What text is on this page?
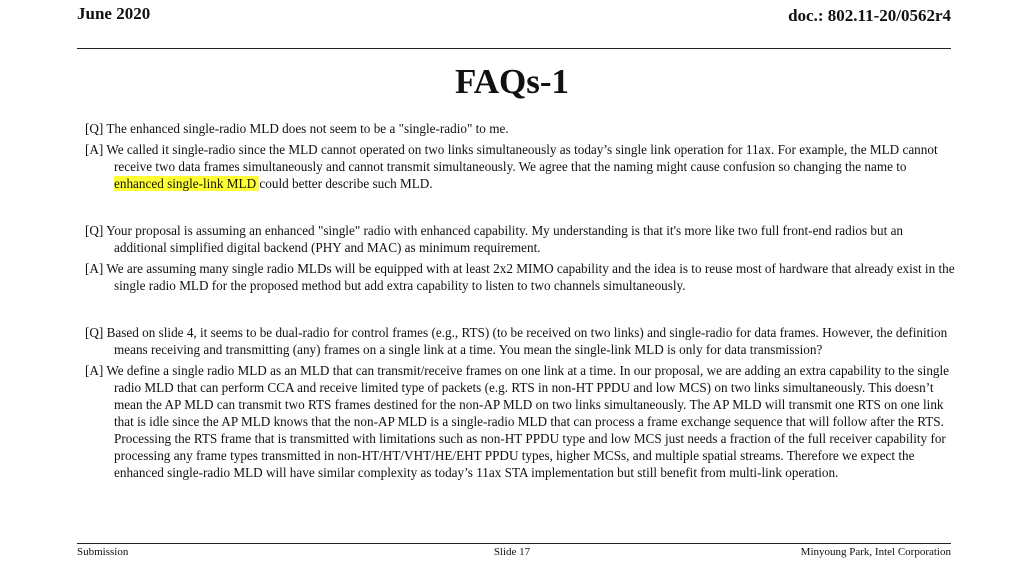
June 2020	doc.: 802.11-20/0562r4
FAQs-1

[Q] The enhanced single-radio MLD does not seem to be a "single-radio" to me.

[A] We called it single-radio since the MLD cannot operated on two links simultaneously as today’s single link operation for 11ax. For example, the MLD cannot receive two data frames simultaneously and cannot transmit simultaneously. We agree that the naming might cause confusion so changing the name to enhanced single-link MLD could better describe such MLD.

[Q] Your proposal is assuming an enhanced "single" radio with enhanced capability. My understanding is that it's more like two full front-end radios but an additional simplified digital backend (PHY and MAC) as minimum requirement.

[A] We are assuming many single radio MLDs will be equipped with at least 2x2 MIMO capability and the idea is to reuse most of hardware that already exist in the single radio MLD for the proposed method but add extra capability to listen to two channels simultaneously.

[Q] Based on slide 4, it seems to be dual-radio for control frames (e.g., RTS) (to be received on two links) and single-radio for data frames. However, the definition means receiving and transmitting (any) frames on a single link at a time. You mean the single-link MLD is only for data transmission?

[A] We define a single radio MLD as an MLD that can transmit/receive frames on one link at a time. In our proposal, we are adding an extra capability to the single radio MLD that can perform CCA and receive limited type of packets (e.g. RTS in non-HT PPDU and low MCS) on two links simultaneously. This doesn’t mean the AP MLD can transmit two RTS frames destined for the non-AP MLD on two links simultaneously. The AP MLD will transmit one RTS on one link that is idle since the AP MLD knows that the non-AP MLD is a single-radio MLD that can process a frame exchange sequence that will follow after the RTS. Processing the RTS frame that is transmitted with limitations such as non-HT PPDU type and low MCS just needs a fraction of the full receiver capability for processing any frame types transmitted in non-HT/HT/VHT/HE/EHT PPDU types, higher MCSs, and multiple spatial streams. Therefore we expect the enhanced single-radio MLD will have similar complexity as today’s 11ax STA implementation but still benefit from multi-link operation.

Submission	Slide 17	Minyoung Park, Intel Corporation
